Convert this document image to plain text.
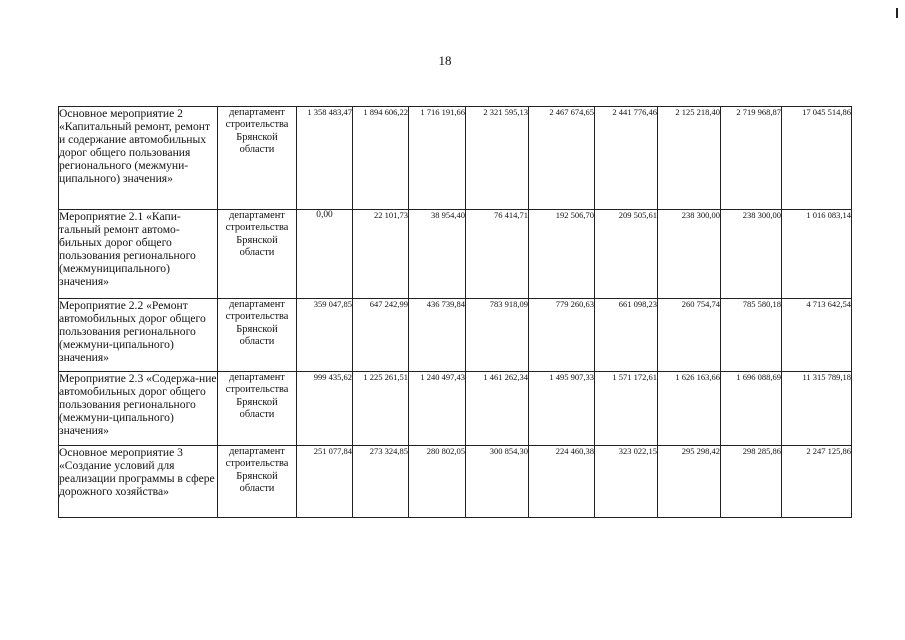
18
Основное мероприятие 2 «Капитальный ремонт, ремонт и содержание автомобильных дорог общего пользования регионального (межмуни-ципального) значения»	департамент строительства Брянской области	1 358 483,47	1 894 606,22	1 716 191,66	2 321 595,13	2 467 674,65	2 441 776,46	2 125 218,40	2 719 968,87	17 045 514,86
Мероприятие 2.1 «Капи-тальный ремонт автомо-бильных дорог общего пользования регионального (межмуниципального) значения»	департамент строительства Брянской области	0,00	22 101,73	38 954,40	76 414,71	192 506,70	209 505,61	238 300,00	238 300,00	1 016 083,14
Мероприятие 2.2 «Ремонт автомобильных дорог общего пользования регионального (межмуни-ципального) значения»	департамент строительства Брянской области	359 047,85	647 242,99	436 739,84	783 918,09	779 260,63	661 098,23	260 754,74	785 580,18	4 713 642,54
Мероприятие 2.3 «Содержа-ние автомобильных дорог общего пользования регионального (межмуни-ципального) значения»	департамент строительства Брянской области	999 435,62	1 225 261,51	1 240 497,43	1 461 262,34	1 495 907,33	1 571 172,61	1 626 163,66	1 696 088,69	11 315 789,18
Основное мероприятие 3 «Создание условий для реализации программы в сфере дорожного хозяйства»	департамент строительства Брянской области	251 077,84	273 324,85	280 802,05	300 854,30	224 460,38	323 022,15	295 298,42	298 285,86	2 247 125,86
